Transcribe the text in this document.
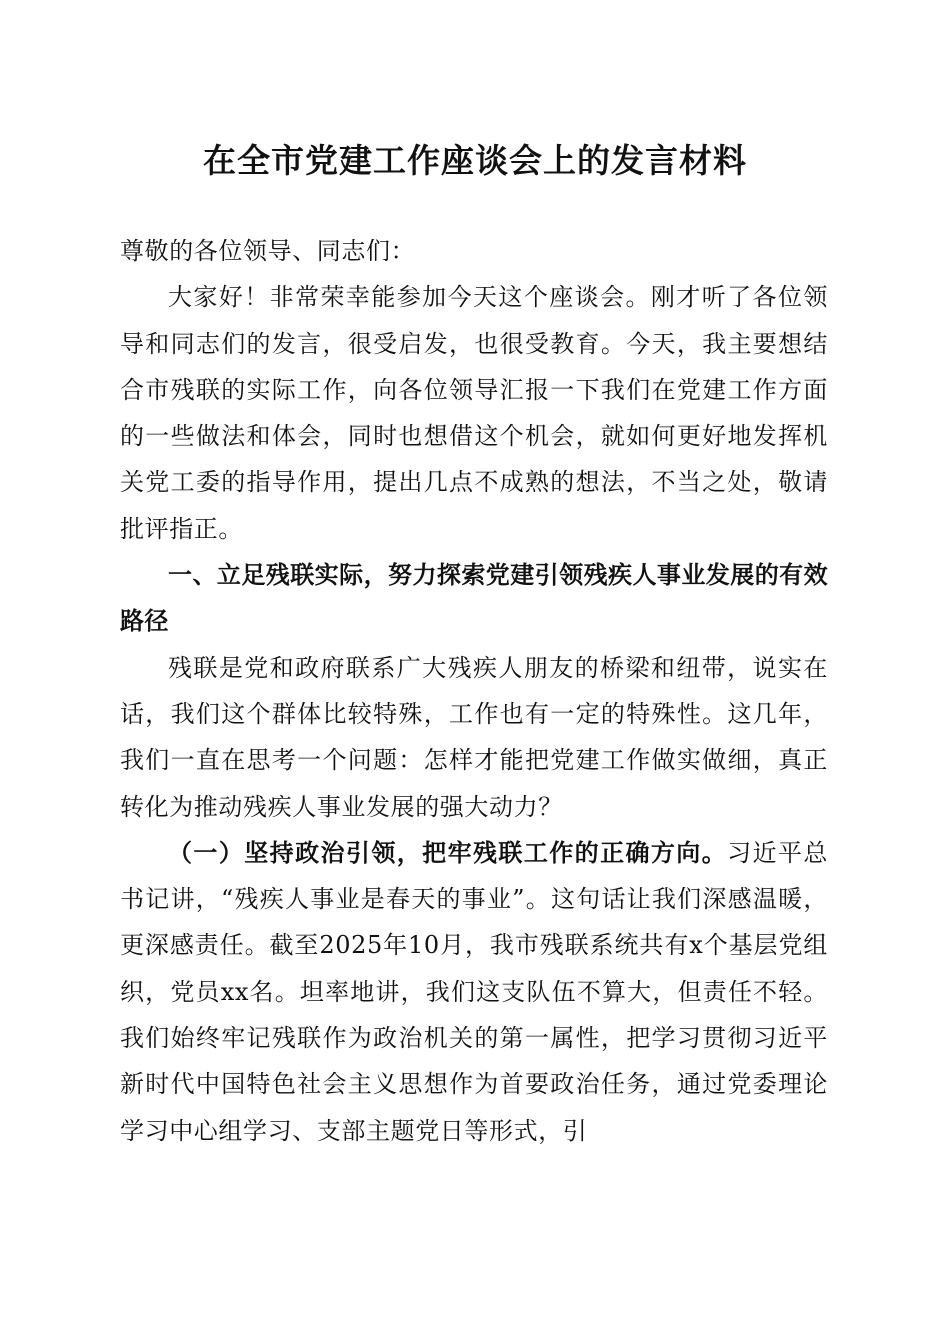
在全市党建工作座谈会上的发言材料

尊敬的各位领导、同志们：

大家好！非常荣幸能参加今天这个座谈会。刚才听了各位领导和同志们的发言，很受启发，也很受教育。今天，我主要想结合市残联的实际工作，向各位领导汇报一下我们在党建工作方面的一些做法和体会，同时也想借这个机会，就如何更好地发挥机关党工委的指导作用，提出几点不成熟的想法，不当之处，敬请批评指正。

一、立足残联实际，努力探索党建引领残疾人事业发展的有效路径

残联是党和政府联系广大残疾人朋友的桥梁和纽带，说实在话，我们这个群体比较特殊，工作也有一定的特殊性。这几年，我们一直在思考一个问题：怎样才能把党建工作做实做细，真正转化为推动残疾人事业发展的强大动力？

（一）坚持政治引领，把牢残联工作的正确方向。习近平总书记讲，“残疾人事业是春天的事业”。这句话让我们深感温暖，更深感责任。截至2025年10月，我市残联系统共有x个基层党组织，党员xx名。坦率地讲，我们这支队伍不算大，但责任不轻。我们始终牢记残联作为政治机关的第一属性，把学习贯彻习近平新时代中国特色社会主义思想作为首要政治任务，通过党委理论学习中心组学习、支部主题党日等形式，引
